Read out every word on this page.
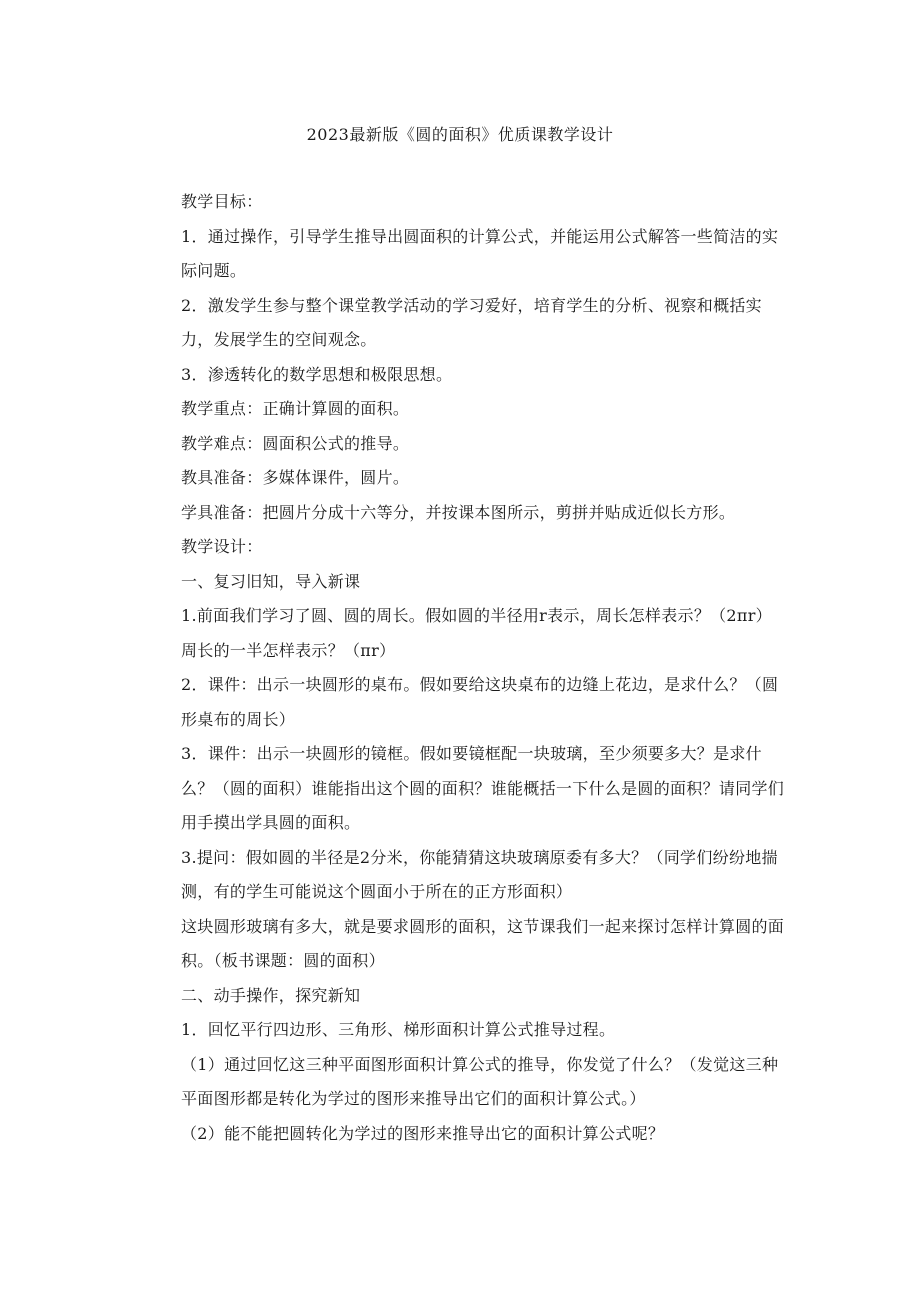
2023最新版《圆的面积》优质课教学设计

教学目标：

1．通过操作，引导学生推导出圆面积的计算公式，并能运用公式解答一些简洁的实际问题。

2．激发学生参与整个课堂教学活动的学习爱好，培育学生的分析、视察和概括实力，发展学生的空间观念。

3．渗透转化的数学思想和极限思想。

教学重点：正确计算圆的面积。

教学难点：圆面积公式的推导。

教具准备：多媒体课件，圆片。

学具准备：把圆片分成十六等分，并按课本图所示，剪拼并贴成近似长方形。

教学设计：

一、复习旧知，导入新课

1.前面我们学习了圆、圆的周长。假如圆的半径用r表示，周长怎样表示？（2πr）周长的一半怎样表示？（πr）

2．课件：出示一块圆形的桌布。假如要给这块桌布的边缝上花边，是求什么？（圆形桌布的周长）

3．课件：出示一块圆形的镜框。假如要镜框配一块玻璃，至少须要多大？是求什么？（圆的面积）谁能指出这个圆的面积？谁能概括一下什么是圆的面积？请同学们用手摸出学具圆的面积。

3.提问：假如圆的半径是2分米，你能猜猜这块玻璃原委有多大？（同学们纷纷地揣测，有的学生可能说这个圆面小于所在的正方形面积）

这块圆形玻璃有多大，就是要求圆形的面积，这节课我们一起来探讨怎样计算圆的面积。（板书课题：圆的面积）

二、动手操作，探究新知

1．回忆平行四边形、三角形、梯形面积计算公式推导过程。

（1）通过回忆这三种平面图形面积计算公式的推导，你发觉了什么？（发觉这三种平面图形都是转化为学过的图形来推导出它们的面积计算公式。）

（2）能不能把圆转化为学过的图形来推导出它的面积计算公式呢？
